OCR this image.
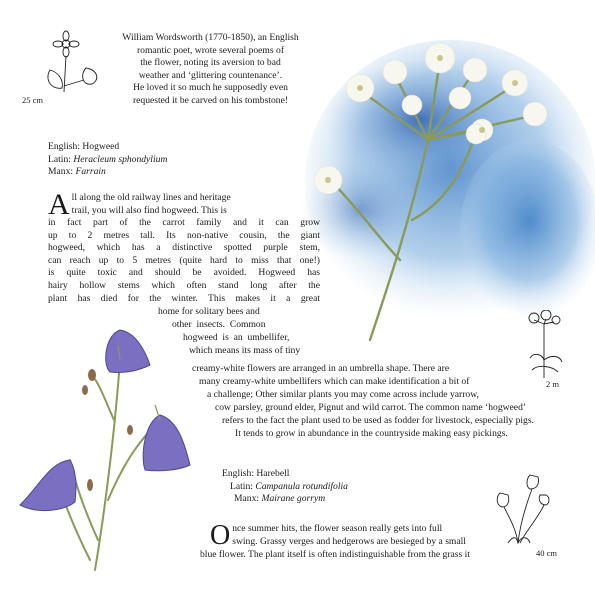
25 cm
2 m
40 cm
William Wordsworth (1770-1850), an English
romantic poet, wrote several poems of
the flower, noting its aversion to bad
weather and ‘glittering countenance’.
He loved it so much he supposedly even
requested it be carved on his tombstone!
English: Hogweed
Latin: Heracleum sphondylium
Manx: Farrain
All along the old railway lines and heritage
trail, you will also find hogweed. This is
in fact part of the carrot family and it can grow
up to 2 metres tall. Its non-native cousin, the giant
hogweed, which has a distinctive spotted purple stem,
can reach up to 5 metres (quite hard to miss that one!)
is quite toxic and should be avoided. Hogweed has
hairy hollow stems which often stand long after the
plant has died for the winter. This makes it a great
home for solitary bees and
other  insects.  Common
hogweed  is  an  umbellifer,
which means its mass of tiny
creamy-white flowers are arranged in an umbrella shape. There are
many creamy-white umbellifers which can make identification a bit of
a challenge; Other similar plants you may come across include yarrow,
cow parsley, ground elder, Pignut and wild carrot. The common name ‘hogweed’
refers to the fact the plant used to be used as fodder for livestock, especially pigs.
It tends to grow in abundance in the countryside making easy pickings.
English: Harebell
Latin: Campanula rotundifolia
Manx: Mairane gorrym
Once summer hits, the flower season really gets into full
swing. Grassy verges and hedgerows are besieged by a small
blue flower. The plant itself is often indistinguishable from the grass it
